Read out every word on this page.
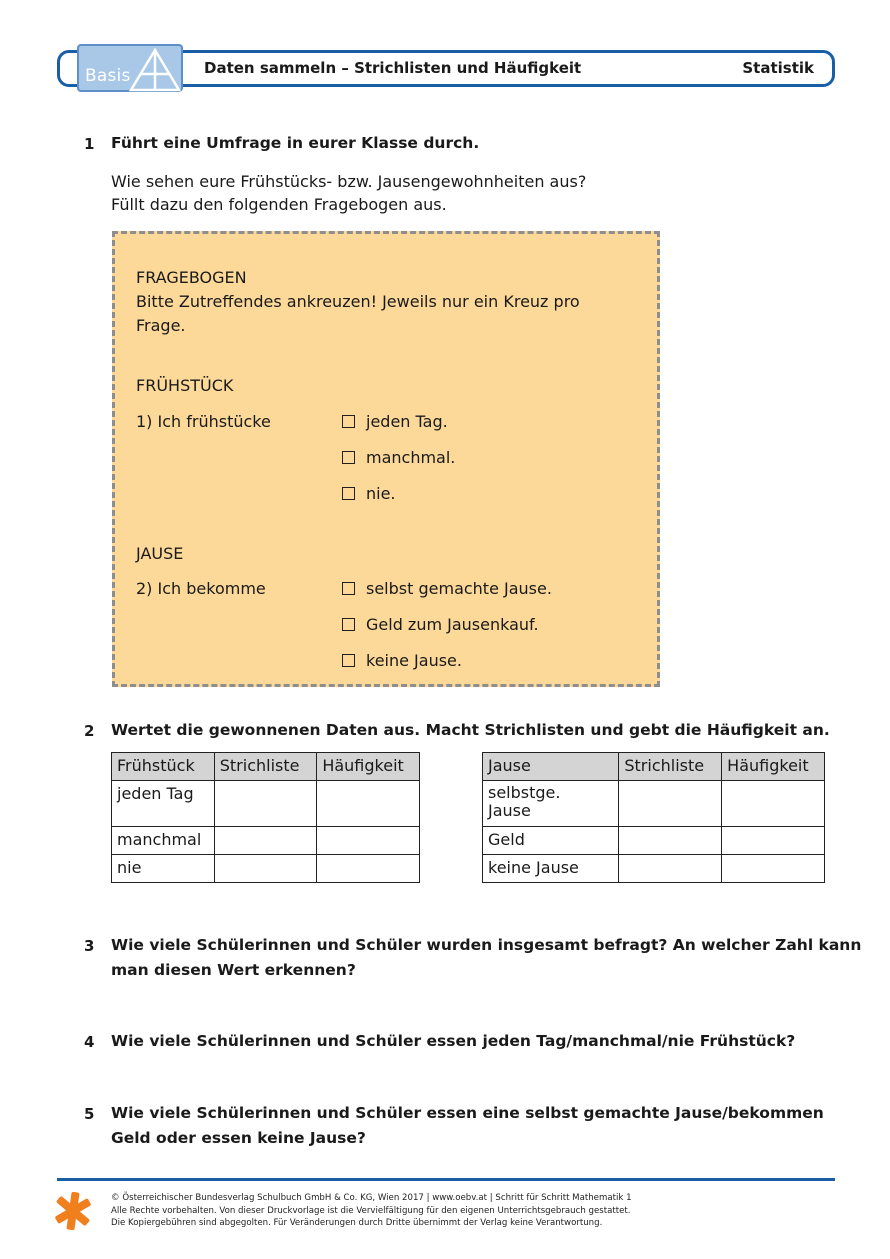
Basis	Daten sammeln – Strichlisten und Häufigkeit	Statistik
1 Führt eine Umfrage in eurer Klasse durch.
Wie sehen eure Frühstücks- bzw. Jausengewohnheiten aus?
Füllt dazu den folgenden Fragebogen aus.
FRAGEBOGEN
Bitte Zutreffendes ankreuzen! Jeweils nur ein Kreuz pro
Frage.
FRÜHSTÜCK
1) Ich frühstücke	jeden Tag.
manchmal.
nie.
JAUSE
2) Ich bekomme	selbst gemachte Jause.
Geld zum Jausenkauf.
keine Jause.
2 Wertet die gewonnenen Daten aus. Macht Strichlisten und gebt die Häufigkeit an.
Frühstück	Strichliste	Häufigkeit
jeden Tag		
manchmal		
nie		
Jause	Strichliste	Häufigkeit

selbstge. Jause		

Geld		
keine Jause		
3 Wie viele Schülerinnen und Schüler wurden insgesamt befragt? An welcher Zahl kann
man diesen Wert erkennen?
4 Wie viele Schülerinnen und Schüler essen jeden Tag/manchmal/nie Frühstück?
5 Wie viele Schülerinnen und Schüler essen eine selbst gemachte Jause/bekommen
Geld oder essen keine Jause?
© Österreichischer Bundesverlag Schulbuch GmbH & Co. KG, Wien 2017 | www.oebv.at | Schritt für Schritt Mathematik 1
Alle Rechte vorbehalten. Von dieser Druckvorlage ist die Vervielfältigung für den eigenen Unterrichtsgebrauch gestattet.
Die Kopiergebühren sind abgegolten. Für Veränderungen durch Dritte übernimmt der Verlag keine Verantwortung.
